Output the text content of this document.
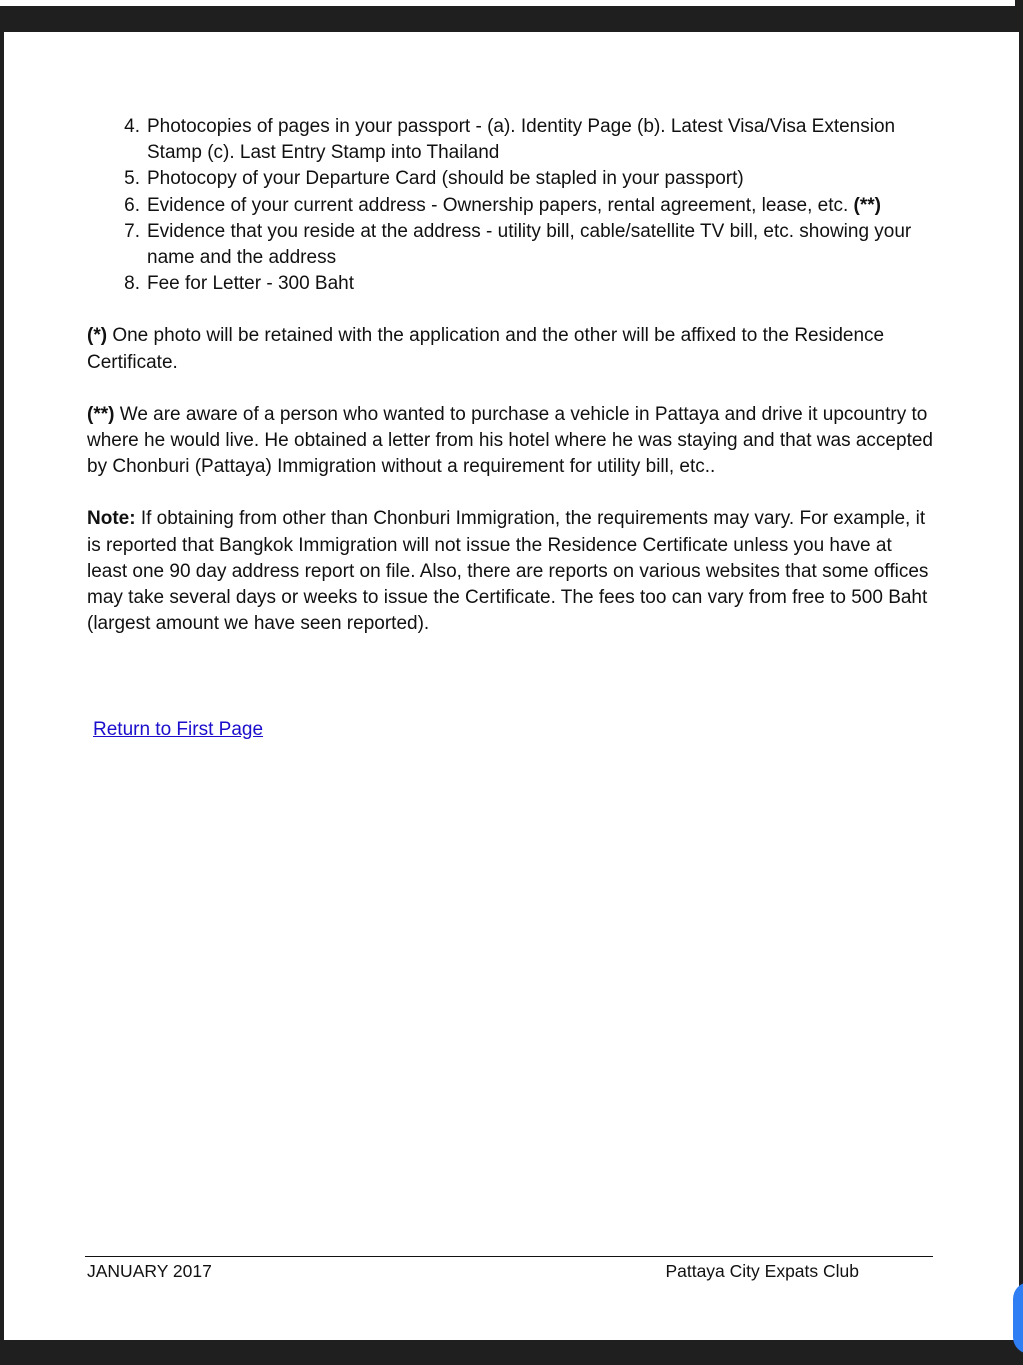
4. Photocopies of pages in your passport - (a). Identity Page (b). Latest Visa/Visa Extension Stamp (c). Last Entry Stamp into Thailand
5. Photocopy of your Departure Card (should be stapled in your passport)
6. Evidence of your current address - Ownership papers, rental agreement, lease, etc. (**)
7. Evidence that you reside at the address - utility bill, cable/satellite TV bill, etc. showing your name and the address
8. Fee for Letter - 300 Baht

(*) One photo will be retained with the application and the other will be affixed to the Residence Certificate.

(**) We are aware of a person who wanted to purchase a vehicle in Pattaya and drive it upcountry to where he would live. He obtained a letter from his hotel where he was staying and that was accepted by Chonburi (Pattaya) Immigration without a requirement for utility bill, etc..

Note: If obtaining from other than Chonburi Immigration, the requirements may vary. For example, it is reported that Bangkok Immigration will not issue the Residence Certificate unless you have at least one 90 day address report on file. Also, there are reports on various websites that some offices may take several days or weeks to issue the Certificate. The fees too can vary from free to 500 Baht (largest amount we have seen reported).

Return to First Page
JANUARY 2017	Pattaya City Expats Club
